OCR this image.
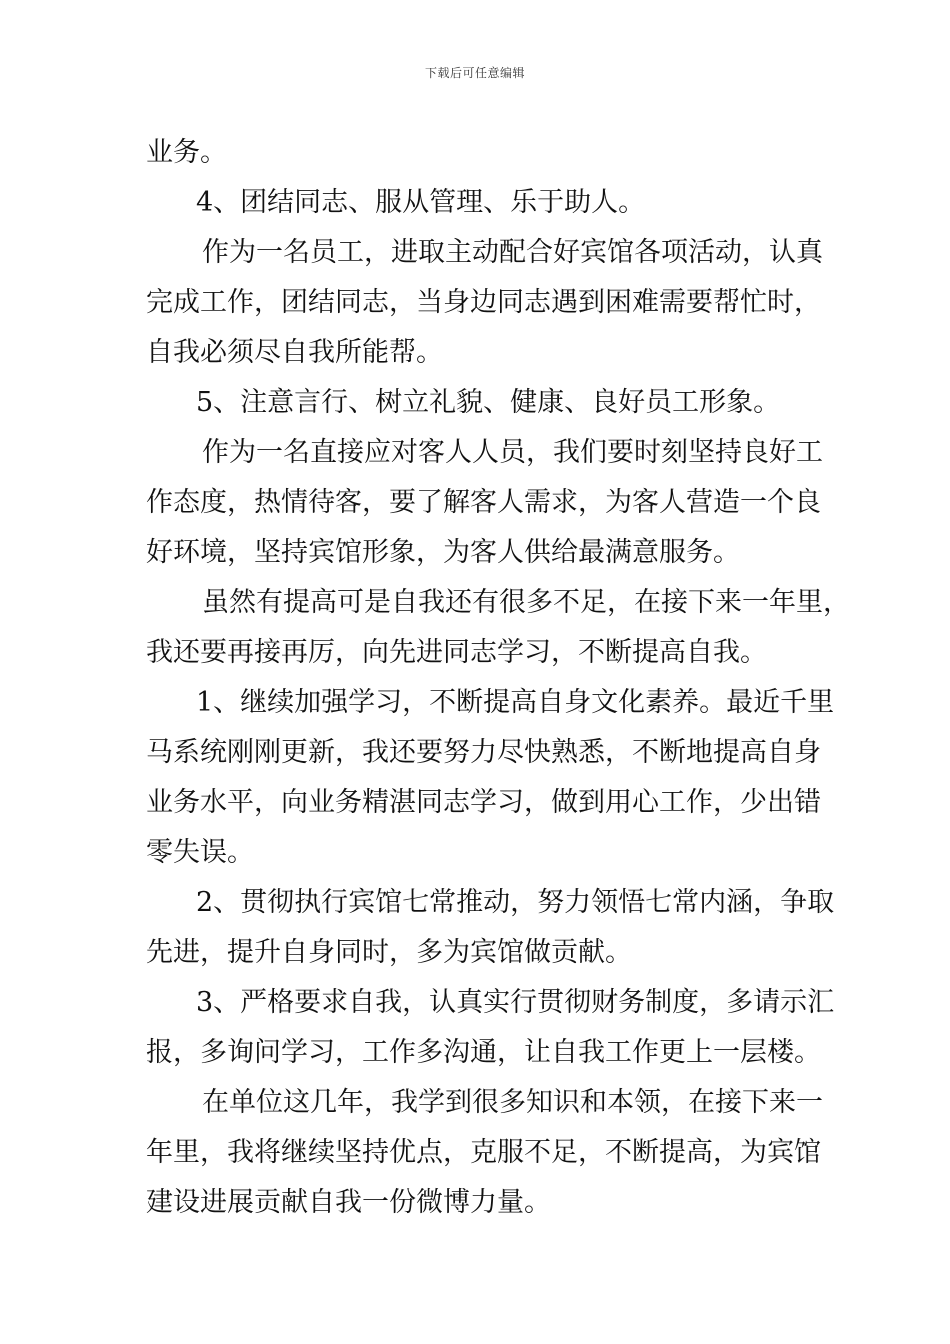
下载后可任意编辑
业务。
4、团结同志、服从管理、乐于助人。
作为一名员工，进取主动配合好宾馆各项活动，认真
完成工作，团结同志，当身边同志遇到困难需要帮忙时，
自我必须尽自我所能帮。
5、注意言行、树立礼貌、健康、良好员工形象。
作为一名直接应对客人人员，我们要时刻坚持良好工
作态度，热情待客，要了解客人需求，为客人营造一个良
好环境，坚持宾馆形象，为客人供给最满意服务。
虽然有提高可是自我还有很多不足，在接下来一年里，
我还要再接再厉，向先进同志学习，不断提高自我。
1、继续加强学习，不断提高自身文化素养。最近千里
马系统刚刚更新，我还要努力尽快熟悉，不断地提高自身
业务水平，向业务精湛同志学习，做到用心工作，少出错
零失误。
2、贯彻执行宾馆七常推动，努力领悟七常内涵，争取
先进，提升自身同时，多为宾馆做贡献。
3、严格要求自我，认真实行贯彻财务制度，多请示汇
报，多询问学习，工作多沟通，让自我工作更上一层楼。
在单位这几年，我学到很多知识和本领，在接下来一
年里，我将继续坚持优点，克服不足，不断提高，为宾馆
建设进展贡献自我一份微博力量。
